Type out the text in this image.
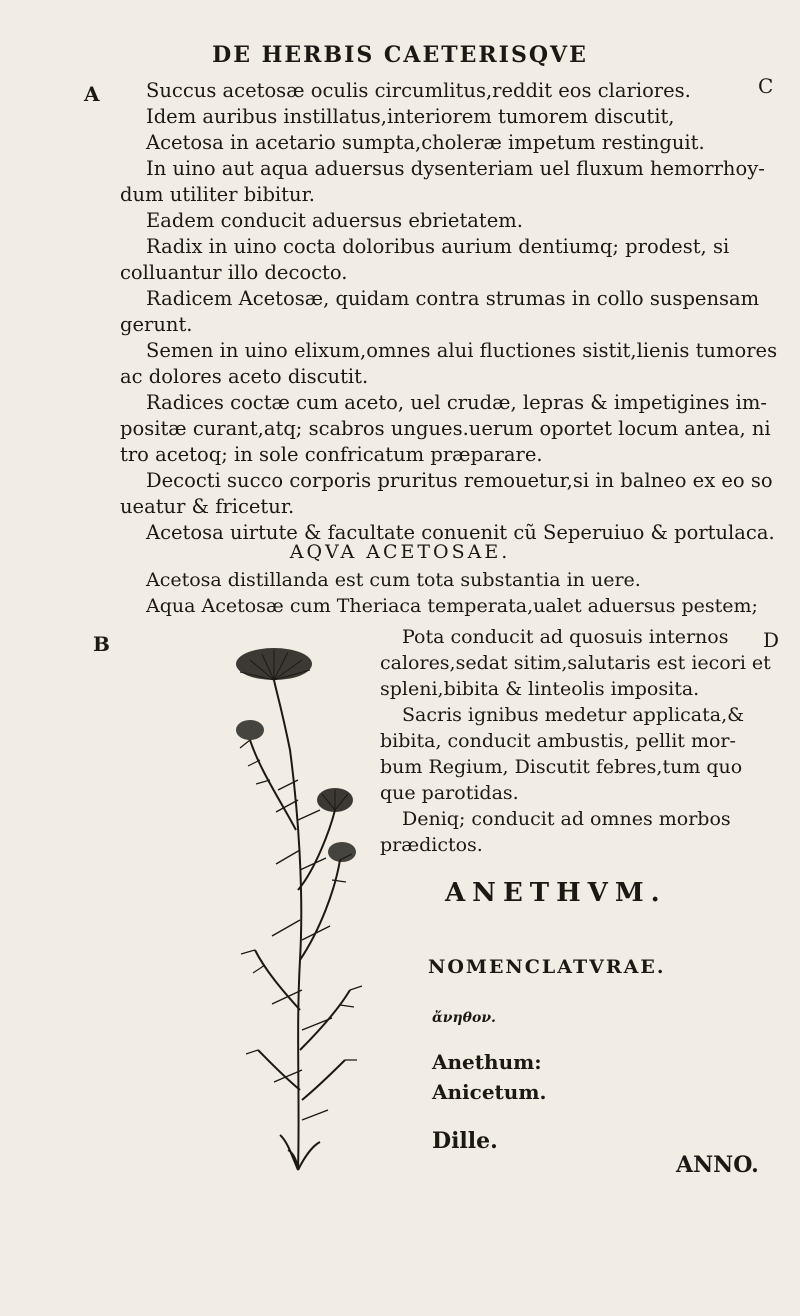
DE HERBIS CAETERISQVE
A	C
B	D
Succus acetosæ oculis circumlitus,reddit eos clariores.
Idem auribus instillatus,interiorem tumorem discutit,
Acetosa in acetario sumpta,choleræ impetum restinguit.
In uino aut aqua aduersus dysenteriam uel fluxum hemorrhoy-
dum utiliter bibitur.
Eadem conducit aduersus ebrietatem.
Radix in uino cocta doloribus aurium dentiumq; prodest, si
colluantur illo decocto.
Radicem Acetosæ, quidam contra strumas in collo suspensam
gerunt.
Semen in uino elixum,omnes alui fluctiones sistit,lienis tumores
ac dolores aceto discutit.
Radices coctæ cum aceto, uel crudæ, lepras & impetigines im-
positæ curant,atq; scabros ungues.uerum oportet locum antea, ni
tro acetoq; in sole confricatum præparare.
Decocti succo corporis pruritus remouetur,si in balneo ex eo so
ueatur & fricetur.
Acetosa uirtute & facultate conuenit cũ Seperuiuo & portulaca.
AQVA ACETOSAE.
Acetosa distillanda est cum tota substantia in uere.
Aqua Acetosæ cum Theriaca temperata,ualet aduersus pestem;
Pota conducit ad quosuis internos
calores,sedat sitim,salutaris est iecori et
spleni,bibita & linteolis imposita.
Sacris ignibus medetur applicata,&
bibita, conducit ambustis, pellit mor-
bum Regium, Discutit febres,tum quo
que parotidas.
Deniq; conducit ad omnes morbos
prædictos.
ANETHVM.
NOMENCLATVRAE.
ἄνηθον.
Anethum:
Anicetum.
Dille.
ANNO.
